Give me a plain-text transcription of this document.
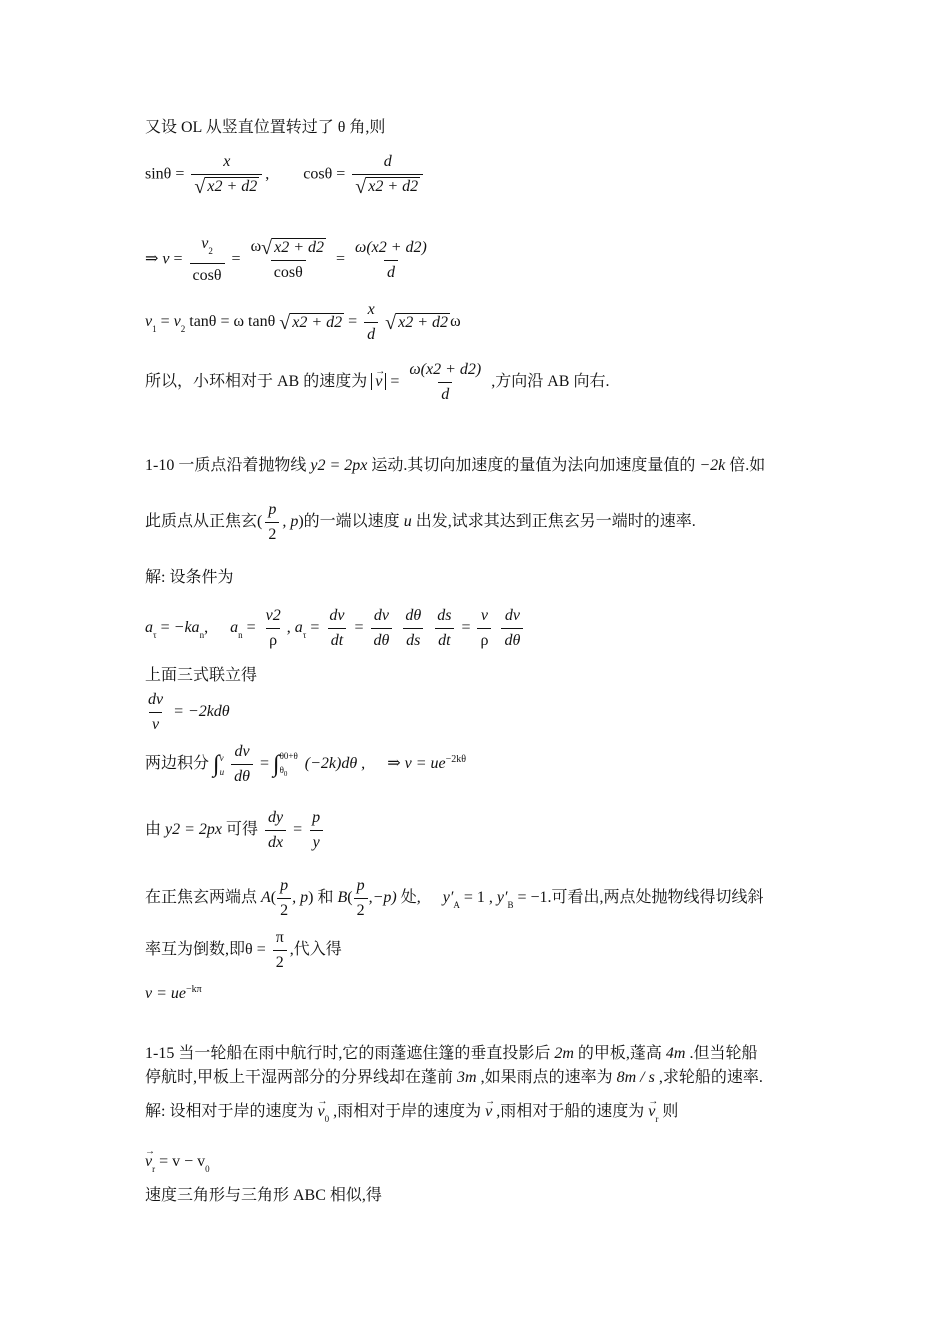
又设 OL 从竖直位置转过了 θ 角,则
$\sin\theta = \frac{x}{√ x2 + d2}$ , $\cos\theta = \frac{d}{√ x2 + d2}$
⇒ $v = \frac{v_2}{\cos\theta} = \frac{\omega √ x2 + d2}{\cos\theta} = \frac{\omega(x2 + d2)}{d}$
$v_1 = v_2$ tanθ = ω tanθ √ $x2 + d2 = \frac{x}{d}$
√ x2 + d2 ω
所以，小环相对于 AB 的速度为 → $v = \frac{\omega(x2 + d2)}{d}$ ,方向沿 AB 向右.
1-10 一质点沿着抛物线 y2 = 2px 运动.其切向加速度的量值为法向加速度量值的 −2k 倍.如
此质点从正焦玄( $\frac{p}{2}$ , p)的一端以速度 u 出发,试求其达到正焦玄另一端时的速率.
解: 设条件为
$a_\tau = -ka_n$, $a_n = \frac{v2}{\rho}$ , $a_\tau = \frac{dv}{dt} = \frac{dv}{d\theta}$
$\frac{d\theta}{ds}$
$\frac{ds}{dt} = \frac{v}{\rho}$
$\frac{dv}{d\theta}$
上面三式联立得
$\frac{dv}{v} = -2kd\theta$
两边积分 ∫ v
u
$\frac{dv}{d\theta}$ = ∫ θ0+θ
$\theta_0$
(−2k)dθ , ⇒ $v = ue^{-2k\theta}$
由 y2 = 2px 可得 $\frac{dy}{dx} = \frac{p}{y}$
在正焦玄两端点 $A( \frac{p}{2}$ , p) 和 $B( \frac{p}{2} ,-p)$ 处, $y'_A = 1$ , $y'_B = -1$.可看出,两点处抛物线得切线斜
率互为倒数,即$\theta = \frac{\pi}{2}$ ,代入得
$v = ue^{-k\pi}$
1-15 当一轮船在雨中航行时,它的雨蓬遮住篷的垂直投影后 2m 的甲板,蓬高 4m .但当轮船
停航时,甲板上干湿两部分的分界线却在蓬前 3m ,如果雨点的速率为 8m / s ,求轮船的速率.
解: 设相对于岸的速度为 → $v_0$ ,雨相对于岸的速度为 → v ,雨相对于船的速度为 → $v_r$ 则
→ $v_r = v - v_0$
速度三角形与三角形 ABC 相似,得
